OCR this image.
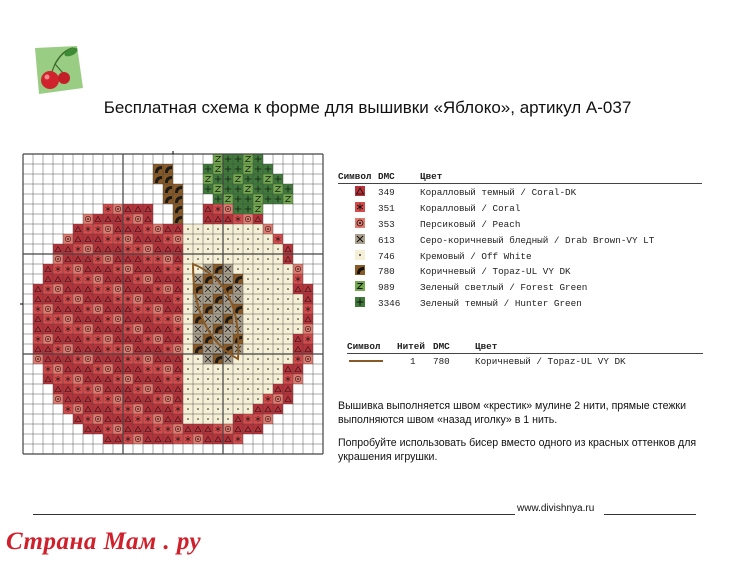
Бесплатная схема к форме для вышивки «Яблоко», артикул А-037
Символ DMC	Цвет
349	Коралловый темный / Coral-DK
351	Коралловый / Coral
353	Персиковый / Peach
613	Серо-коричневый бледный / Drab Brown-VY LT
746	Кремовый / Off White
780	Коричневый / Topaz-UL VY DK
989	Зеленый светлый / Forest Green
3346 Зеленый темный / Hunter Green
Символ Нитей DMC	Цвет
1 780	Коричневый / Topaz-UL VY DK

Вышивка выполняется швом «крестик» мулине 2 нити, прямые стежки выполняются швом «назад иголку» в 1 нить.

Попробуйте использовать бисер вместо одного из красных оттенков для украшения игрушки.

www.divishnya.ru
Страна Мам . ру
